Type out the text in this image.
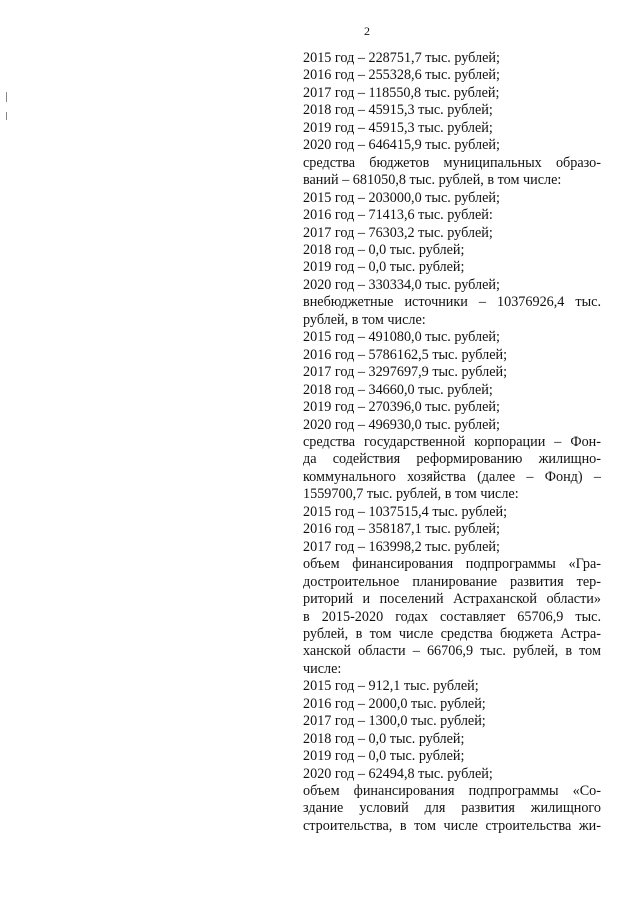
2

2015 год – 228751,7 тыс. рублей;

2016 год – 255328,6 тыс. рублей;

2017 год – 118550,8 тыс. рублей;

2018 год – 45915,3 тыс. рублей;

2019 год – 45915,3 тыс. рублей;

2020 год – 646415,9 тыс. рублей;

средства бюджетов муниципальных образо-

ваний – 681050,8 тыс. рублей, в том числе:

2015 год – 203000,0 тыс. рублей;

2016 год – 71413,6 тыс. рублей:

2017 год – 76303,2 тыс. рублей;

2018 год – 0,0 тыс. рублей;

2019 год – 0,0 тыс. рублей;

2020 год – 330334,0 тыс. рублей;

внебюджетные источники – 10376926,4 тыс.

рублей, в том числе:

2015 год – 491080,0 тыс. рублей;

2016 год – 5786162,5 тыс. рублей;

2017 год – 3297697,9 тыс. рублей;

2018 год – 34660,0 тыс. рублей;

2019 год – 270396,0 тыс. рублей;

2020 год – 496930,0 тыс. рублей;

средства государственной корпорации – Фон-

да содействия реформированию жилищно-

коммунального хозяйства (далее – Фонд) –

1559700,7 тыс. рублей, в том числе:

2015 год – 1037515,4 тыс. рублей;

2016 год – 358187,1 тыс. рублей;

2017 год – 163998,2 тыс. рублей;

объем финансирования подпрограммы «Гра-

достроительное планирование развития тер-

риторий и поселений Астраханской области»

в 2015-2020 годах составляет 65706,9 тыс.

рублей, в том числе средства бюджета Астра-

ханской области – 66706,9 тыс. рублей, в том

числе:

2015 год – 912,1 тыс. рублей;

2016 год – 2000,0 тыс. рублей;

2017 год – 1300,0 тыс. рублей;

2018 год – 0,0 тыс. рублей;

2019 год – 0,0 тыс. рублей;

2020 год – 62494,8 тыс. рублей;

объем финансирования подпрограммы «Со-

здание условий для развития жилищного

строительства, в том числе строительства жи-
